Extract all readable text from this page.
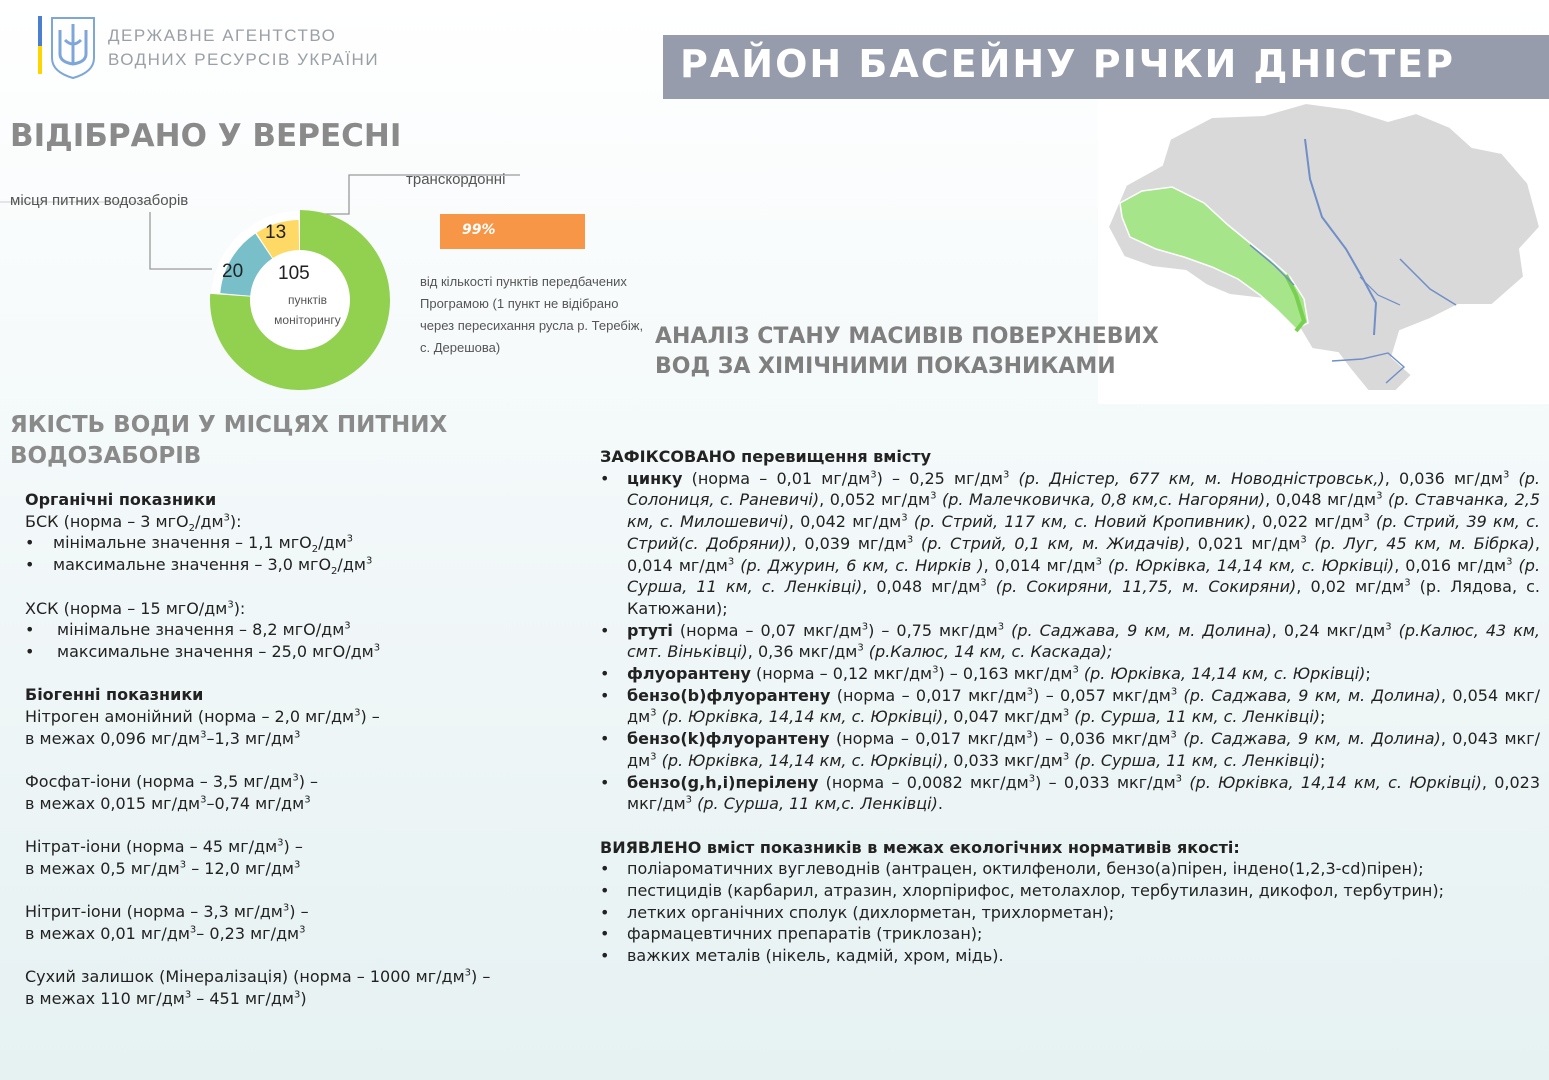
ДЕРЖАВНЕ АГЕНТСТВО
ВОДНИХ РЕСУРСІВ УКРАЇНИ	РАЙОН БАСЕЙНУ РІЧКИ ДНІСТЕР
ВІДІБРАНО У ВЕРЕСНІ
місця питних водозаборів
транскордонні
13
20 105
пунктів
моніторингу
99%
від кількості пунктів передбачених Програмою (1 пункт не відібрано через пересихання русла р. Теребіж, с. Дерешова)	АНАЛІЗ СТАНУ МАСИВІВ ПОВЕРХНЕВИХ
ВОД ЗА ХІМІЧНИМИ ПОКАЗНИКАМИ
ЯКІСТЬ ВОДИ У МІСЦЯХ ПИТНИХ
ВОДОЗАБОРІВ
Органічні показники
БСК (норма – 3 $мгО_2/дм^3$):
• мінімальне значення – 1,1 $мгО_2/дм^3$
• максимальне значення – 3,0 $мгО_2/дм^3$
ХСК (норма – 15 мгО/$дм^3$):
• мінімальне значення – 8,2 мгО/$дм^3$
• максимальне значення – 25,0 мгО/$дм^3$
Біогенні показники
Нітроген амонійний (норма – 2,0 $мг/дм^3$) –
в межах 0,096 $мг/дм^3-1,3$ $мг/дм^3$
Фосфат-іони (норма – 3,5 $мг/дм^3$) –
в межах 0,015 $мг/дм^3-0,74$ $мг/дм^3$
Нітрат-іони (норма – 45 $мг/дм^3$) –
в межах 0,5 $мг/дм^3 - 12,0$ $мг/дм^3$
Нітрит-іони (норма – 3,3 $мг/дм^3$) –
в межах 0,01 $мг/дм^3-$ 0,23 $мг/дм^3$
Сухий залишок (Мінералізація) (норма – 1000 $мг/дм^3$) –
в межах 110 $мг/дм^3 - 451$ $мг/дм^3$)
ЗАФІКСОВАНО перевищення вмісту
• цинку (норма – 0,01 $мг/дм^3) - 0,25$ $мг/дм^3$ (р. Дністер, 677 км, м. Новодністровськ,), 0,036 $мг/дм^3$ (р. Солониця, с. Раневичі), 0,052 $мг/дм^3$ (р. Малечковичка, 0,8 км,с. Нагоряни), 0,048 $мг/дм^3$ (р. Ставчанка, 2,5 км, с. Милошевичі), 0,042 $мг/дм^3$ (р. Стрий, 117 км, с. Новий Кропивник), 0,022 $мг/дм^3$ (р. Стрий, 39 км, с. Стрий(с. Добряни)), 0,039 $мг/дм^3$ (р. Стрий, 0,1 км, м. Жидачів), 0,021 $мг/дм^3$ (р. Луг, 45 км, м. Бібрка), 0,014 $мг/дм^3$ (р. Джурин, 6 км, с. Нирків ), 0,014 $мг/дм^3$ (р. Юрківка, 14,14 км, с. Юрківці), 0,016 $мг/дм^3$ (р. Сурша, 11 км, с. Ленківці), 0,048 $мг/дм^3$ (р. Сокиряни, 11,75, м. Сокиряни), 0,02 $мг/дм^3$ (р. Лядова, с. Катюжани);
• ртуті (норма – 0,07 мкг/$дм^3) - 0,75$ мкг/$дм^3$ (р. Саджава, 9 км, м. Долина), 0,24 мкг/$дм^3$ (р.Калюс, 43 км, смт. Віньківці), 0,36 мкг/$дм^3$ (р.Калюс, 14 км, с. Каскада);
• флуорантену (норма – 0,12 мкг/$дм^3) - 0,163$ мкг/$дм^3$ (р. Юрківка, 14,14 км, с. Юрківці);
• бензо(b)флуорантену (норма – 0,017 мкг/$дм^3) - 0,057$ мкг/$дм^3$ (р. Саджава, 9 км, м. Долина), 0,054 мкг/$дм^3$ (р. Юрківка, 14,14 км, с. Юрківці), 0,047 мкг/$дм^3$ (р. Сурша, 11 км, с. Ленківці);
• бензо(k)флуорантену (норма – 0,017 мкг/$дм^3) - 0,036$ мкг/$дм^3$ (р. Саджава, 9 км, м. Долина), 0,043 мкг/$дм^3$ (р. Юрківка, 14,14 км, с. Юрківці), 0,033 мкг/$дм^3$ (р. Сурша, 11 км, с. Ленківці);
• бензо(g,h,i)перілену (норма – 0,0082 мкг/$дм^3) - 0,033$ мкг/$дм^3$ (р. Юрківка, 14,14 км, с. Юрківці), 0,023 мкг/$дм^3$ (р. Сурша, 11 км,с. Ленківці).
ВИЯВЛЕНО вміст показників в межах екологічних нормативів якості:
• поліароматичних вуглеводнів (антрацен, октилфеноли, бензо(а)пірен, індено(1,2,3-cd)пірен);
• пестицидів (карбарил, атразин, хлорпірифос, метолахлор, тербутилазин, дикофол, тербутрин);
• летких органічних сполук (дихлорметан, трихлорметан);
• фармацевтичних препаратів (триклозан);
• важких металів (нікель, кадмій, хром, мідь).
